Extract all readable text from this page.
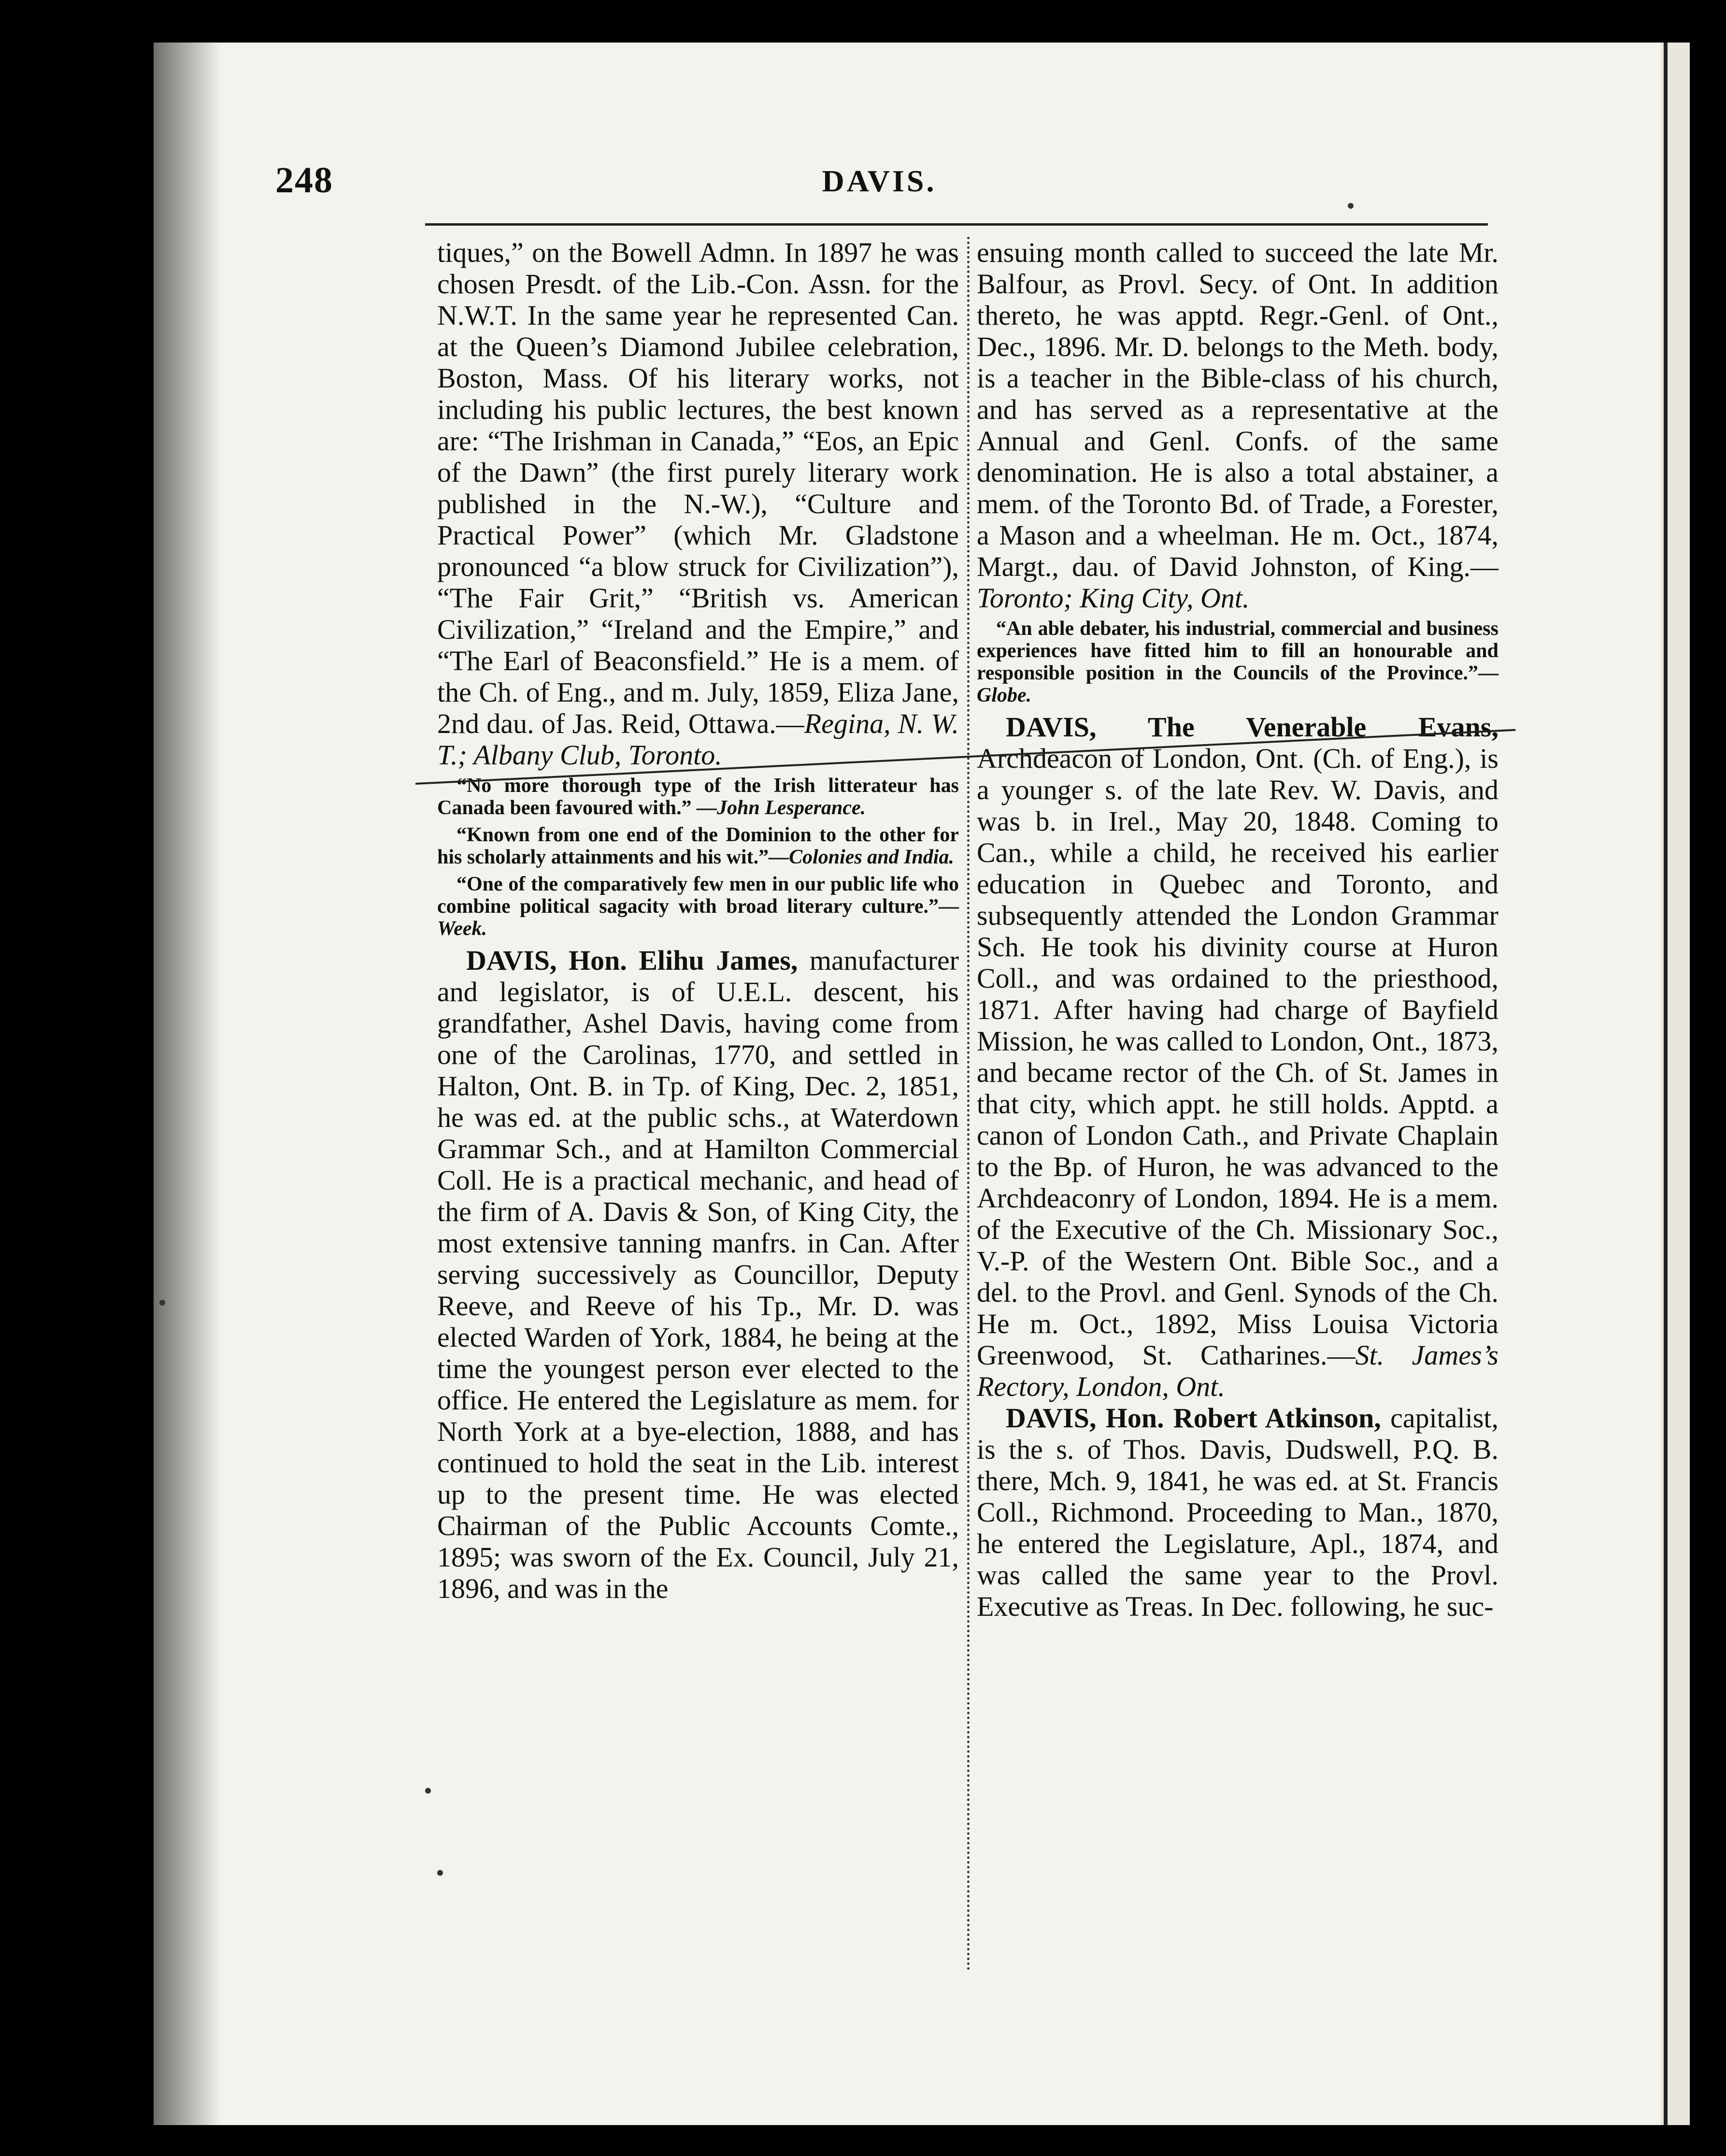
248	DAVIS.

tiques,” on the Bowell Admn. In 1897 he was chosen Presdt. of the Lib.-Con. Assn. for the N.W.T. In the same year he represented Can. at the Queen’s Diamond Jubilee celebration, Boston, Mass. Of his literary works, not including his public lectures, the best known are: “The Irishman in Canada,” “Eos, an Epic of the Dawn” (the first purely literary work published in the N.-W.), “Culture and Practical Power” (which Mr. Gladstone pronounced “a blow struck for Civilization”), “The Fair Grit,” “British vs. American Civilization,” “Ireland and the Empire,” and “The Earl of Beaconsfield.” He is a mem. of the Ch. of Eng., and m. July, 1859, Eliza Jane, 2nd dau. of Jas. Reid, Ottawa.—Regina, N. W. T.; Albany Club, Toronto.

“No more thorough type of the Irish litterateur has Canada been favoured with.” —John Lesperance.
“Known from one end of the Dominion to the other for his scholarly attainments and his wit.”—Colonies and India.
“One of the comparatively few men in our public life who combine political sagacity with broad literary culture.”—Week.

DAVIS, Hon. Elihu James, manufacturer and legislator, is of U.E.L. descent, his grandfather, Ashel Davis, having come from one of the Carolinas, 1770, and settled in Halton, Ont. B. in Tp. of King, Dec. 2, 1851, he was ed. at the public schs., at Waterdown Grammar Sch., and at Hamilton Commercial Coll. He is a practical mechanic, and head of the firm of A. Davis & Son, of King City, the most extensive tanning manfrs. in Can. After serving successively as Councillor, Deputy Reeve, and Reeve of his Tp., Mr. D. was elected Warden of York, 1884, he being at the time the youngest person ever elected to the office. He entered the Legislature as mem. for North York at a bye-election, 1888, and has continued to hold the seat in the Lib. interest up to the present time. He was elected Chairman of the Public Accounts Comte., 1895; was sworn of the Ex. Council, July 21, 1896, and was in the

ensuing month called to succeed the late Mr. Balfour, as Provl. Secy. of Ont. In addition thereto, he was apptd. Regr.-Genl. of Ont., Dec., 1896. Mr. D. belongs to the Meth. body, is a teacher in the Bible-class of his church, and has served as a representative at the Annual and Genl. Confs. of the same denomination. He is also a total abstainer, a mem. of the Toronto Bd. of Trade, a Forester, a Mason and a wheelman. He m. Oct., 1874, Margt., dau. of David Johnston, of King.—Toronto; King City, Ont.

“An able debater, his industrial, commercial and business experiences have fitted him to fill an honourable and responsible position in the Councils of the Province.”—Globe.

DAVIS, The Venerable Evans, Archdeacon of London, Ont. (Ch. of Eng.), is a younger s. of the late Rev. W. Davis, and was b. in Irel., May 20, 1848. Coming to Can., while a child, he received his earlier education in Quebec and Toronto, and subsequently attended the London Grammar Sch. He took his divinity course at Huron Coll., and was ordained to the priesthood, 1871. After having had charge of Bayfield Mission, he was called to London, Ont., 1873, and became rector of the Ch. of St. James in that city, which appt. he still holds. Apptd. a canon of London Cath., and Private Chaplain to the Bp. of Huron, he was advanced to the Archdeaconry of London, 1894. He is a mem. of the Executive of the Ch. Missionary Soc., V.-P. of the Western Ont. Bible Soc., and a del. to the Provl. and Genl. Synods of the Ch. He m. Oct., 1892, Miss Louisa Victoria Greenwood, St. Catharines.—St. James’s Rectory, London, Ont.

DAVIS, Hon. Robert Atkinson, capitalist, is the s. of Thos. Davis, Dudswell, P.Q. B. there, Mch. 9, 1841, he was ed. at St. Francis Coll., Richmond. Proceeding to Man., 1870, he entered the Legislature, Apl., 1874, and was called the same year to the Provl. Executive as Treas. In Dec. following, he suc-
